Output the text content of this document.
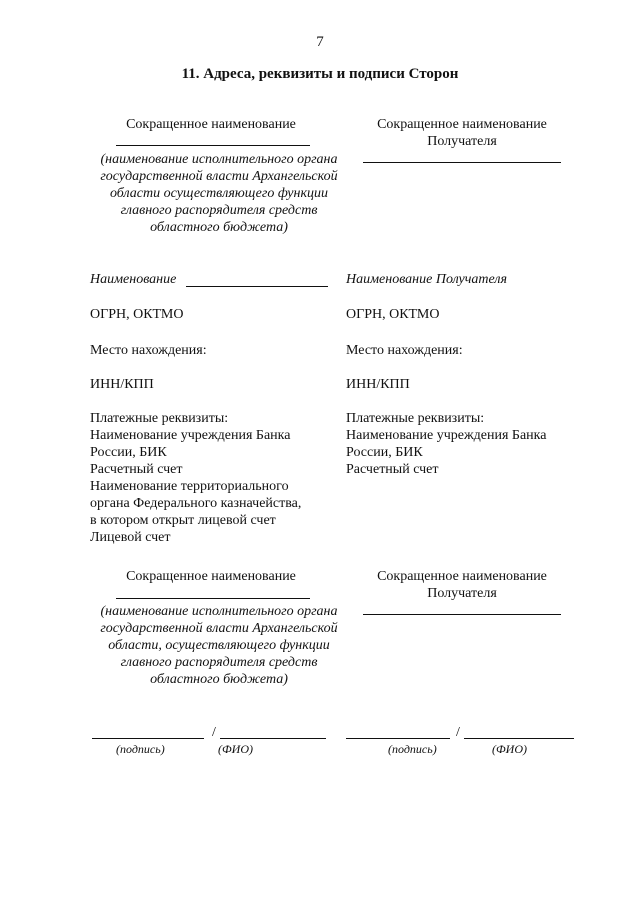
7
11. Адреса, реквизиты и подписи Сторон
Сокращенное наименование
(наименование исполнительного органа государственной власти Архангельской области осуществляющего функции главного распорядителя средств областного бюджета)
Наименование
ОГРН, ОКТМО
Место нахождения:
ИНН/КПП
Платежные реквизиты:
Наименование учреждения Банка
России, БИК
Расчетный счет
Наименование территориального
органа Федерального казначейства,
в котором открыт лицевой счет
Лицевой счет
Сокращенное наименование
(наименование исполнительного органа государственной власти Архангельской области, осуществляющего функции главного распорядителя средств областного бюджета)
/
(подпись)	(ФИО)
Сокращенное наименование Получателя
Наименование Получателя
ОГРН, ОКТМО
Место нахождения:
ИНН/КПП
Платежные реквизиты:
Наименование учреждения Банка
России, БИК
Расчетный счет
Сокращенное наименование Получателя
/
(подпись)	(ФИО)
